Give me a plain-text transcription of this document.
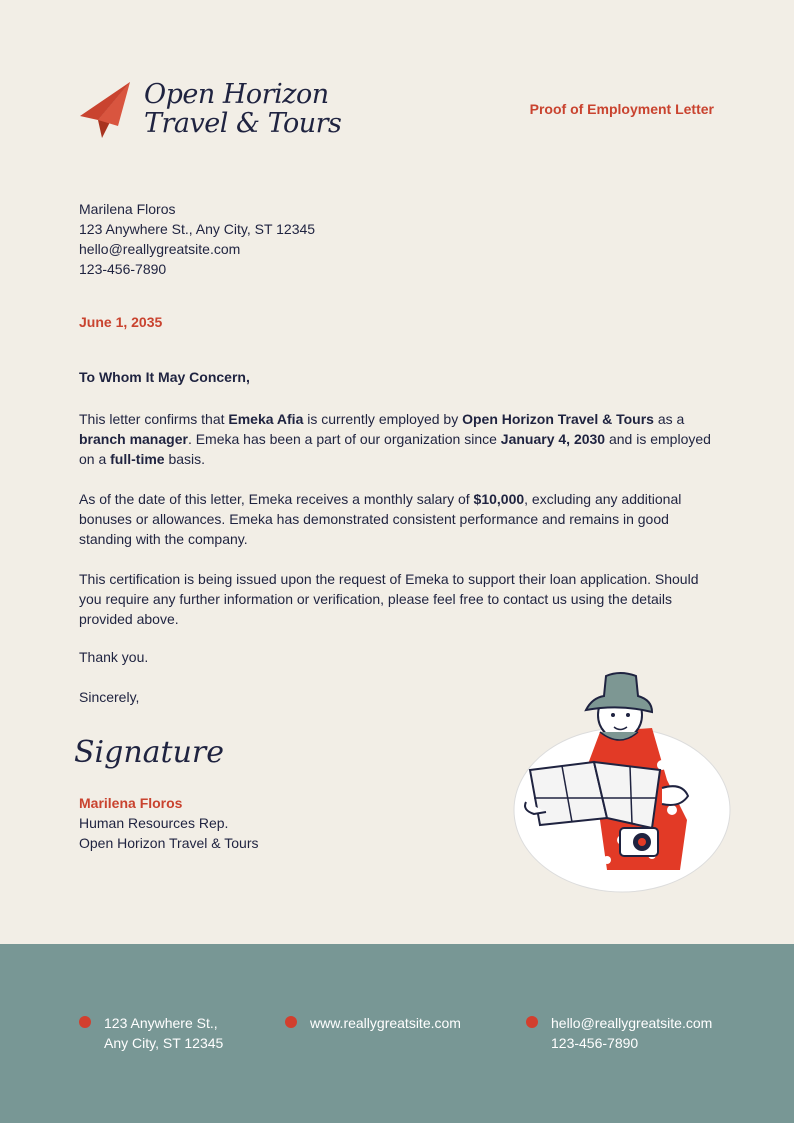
Open Horizon
Travel & Tours	Proof of Employment Letter
Marilena Floros
123 Anywhere St., Any City, ST 12345
hello@reallygreatsite.com
123-456-7890
June 1, 2035
To Whom It May Concern,

This letter confirms that Emeka Afia is currently employed by Open Horizon Travel & Tours as a branch manager. Emeka has been a part of our organization since January 4, 2030 and is employed on a full-time basis.

As of the date of this letter, Emeka receives a monthly salary of $10,000, excluding any additional bonuses or allowances. Emeka has demonstrated consistent performance and remains in good standing with the company.

This certification is being issued upon the request of Emeka to support their loan application. Should you require any further information or verification, please feel free to contact us using the details provided above.

Thank you.
Sincerely,
Signature
Marilena Floros
Human Resources Rep.
Open Horizon Travel & Tours
123 Anywhere St.,
Any City, ST 12345
www.reallygreatsite.com	hello@reallygreatsite.com
123-456-7890
